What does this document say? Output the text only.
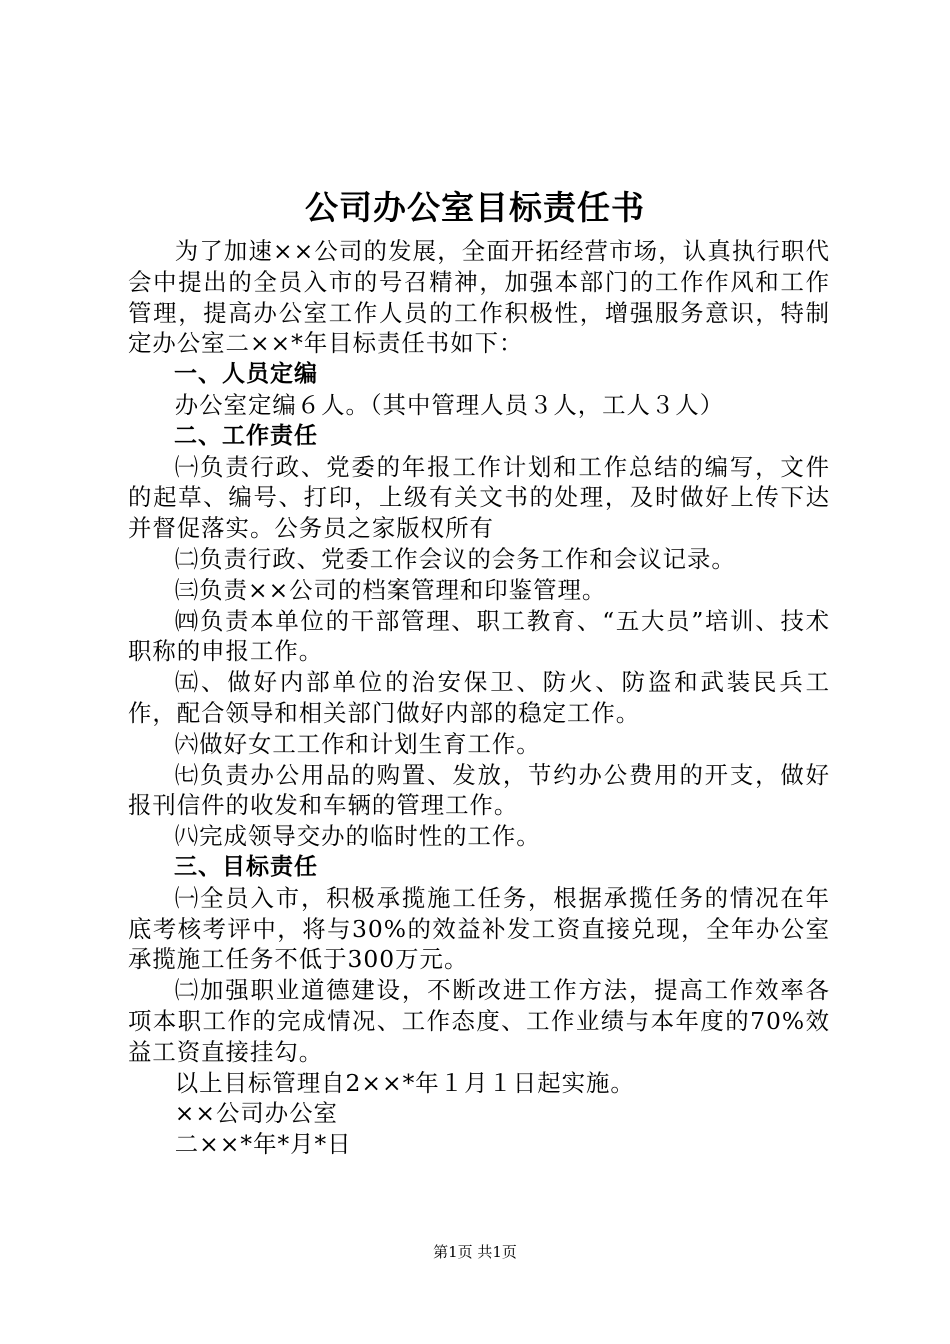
公司办公室目标责任书

为了加速××公司的发展，全面开拓经营市场，认真执行职代会中提出的全员入市的号召精神，加强本部门的工作作风和工作管理，提高办公室工作人员的工作积极性，增强服务意识，特制定办公室二××*年目标责任书如下：

一、人员定编

办公室定编６人。（其中管理人员３人，工人３人）

二、工作责任

㈠负责行政、党委的年报工作计划和工作总结的编写，文件的起草、编号、打印，上级有关文书的处理，及时做好上传下达并督促落实。公务员之家版权所有

㈡负责行政、党委工作会议的会务工作和会议记录。

㈢负责××公司的档案管理和印鉴管理。

㈣负责本单位的干部管理、职工教育、“五大员”培训、技术职称的申报工作。

㈤、做好内部单位的治安保卫、防火、防盗和武装民兵工作，配合领导和相关部门做好内部的稳定工作。

㈥做好女工工作和计划生育工作。

㈦负责办公用品的购置、发放，节约办公费用的开支，做好报刊信件的收发和车辆的管理工作。

㈧完成领导交办的临时性的工作。

三、目标责任

㈠全员入市，积极承揽施工任务，根据承揽任务的情况在年底考核考评中，将与30%的效益补发工资直接兑现，全年办公室承揽施工任务不低于300万元。

㈡加强职业道德建设，不断改进工作方法，提高工作效率各项本职工作的完成情况、工作态度、工作业绩与本年度的70%效益工资直接挂勾。

以上目标管理自2××*年１月１日起实施。

××公司办公室

二××*年*月*日

第1页 共1页
